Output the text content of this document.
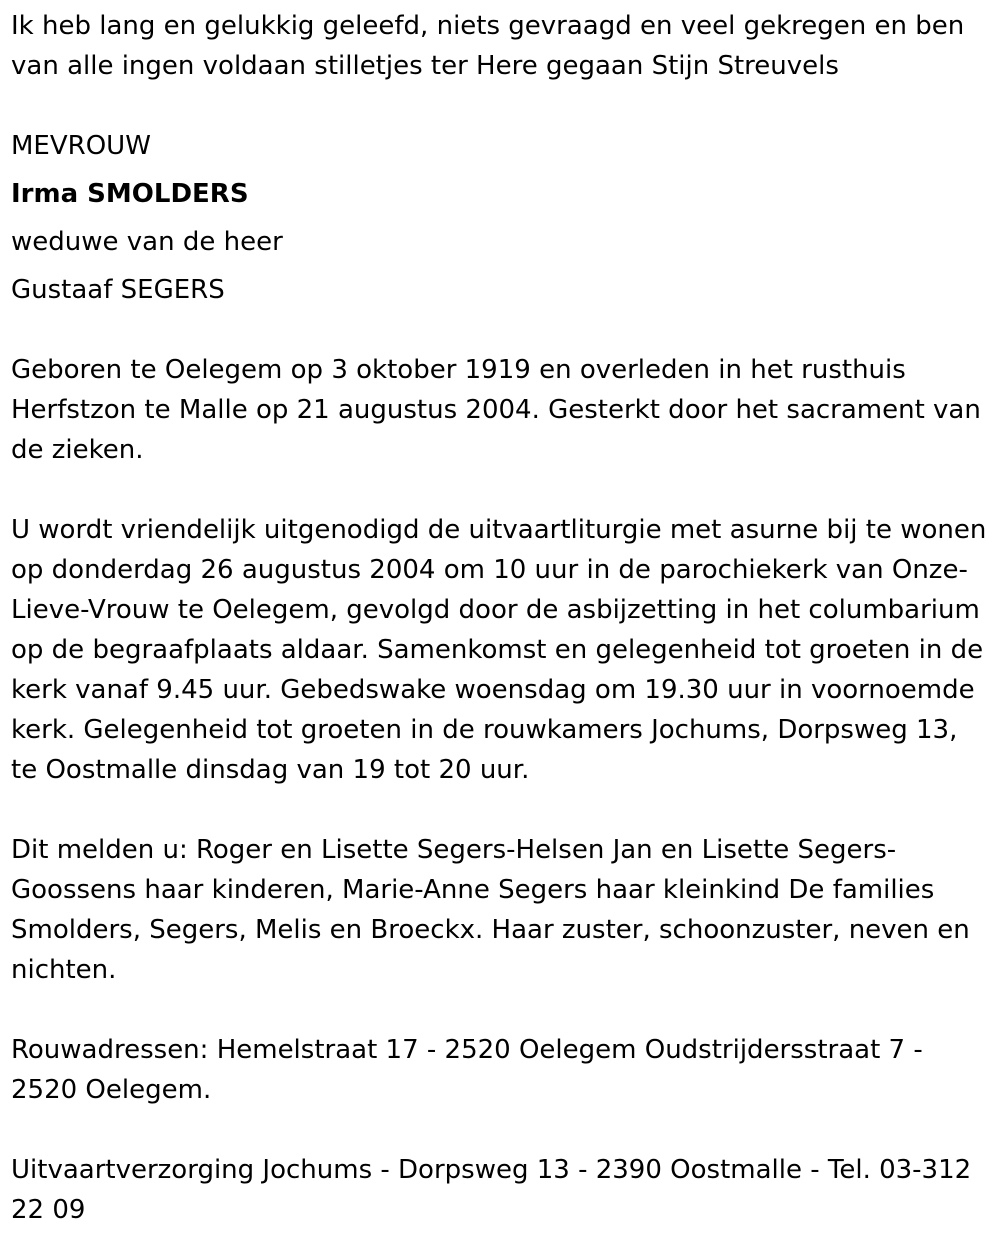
Ik heb lang en gelukkig geleefd, niets gevraagd en veel gekregen en ben van alle ingen voldaan stilletjes ter Here gegaan Stijn Streuvels

MEVROUW

Irma SMOLDERS

weduwe van de heer

Gustaaf SEGERS

Geboren te Oelegem op 3 oktober 1919 en overleden in het rusthuis Herfstzon te Malle op 21 augustus 2004. Gesterkt door het sacrament van de zieken.

U wordt vriendelijk uitgenodigd de uitvaartliturgie met asurne bij te wonen op donderdag 26 augustus 2004 om 10 uur in de parochiekerk van Onze-Lieve-Vrouw te Oelegem, gevolgd door de asbijzetting in het columbarium op de begraafplaats aldaar. Samenkomst en gelegenheid tot groeten in de kerk vanaf 9.45 uur. Gebedswake woensdag om 19.30 uur in voornoemde kerk. Gelegenheid tot groeten in de rouwkamers Jochums, Dorpsweg 13, te Oostmalle dinsdag van 19 tot 20 uur.

Dit melden u: Roger en Lisette Segers-Helsen Jan en Lisette Segers-Goossens haar kinderen, Marie-Anne Segers haar kleinkind De families Smolders, Segers, Melis en Broeckx. Haar zuster, schoonzuster, neven en nichten.

Rouwadressen: Hemelstraat 17 - 2520 Oelegem Oudstrijdersstraat 7 - 2520 Oelegem.

Uitvaartverzorging Jochums - Dorpsweg 13 - 2390 Oostmalle - Tel. 03-312 22 09
